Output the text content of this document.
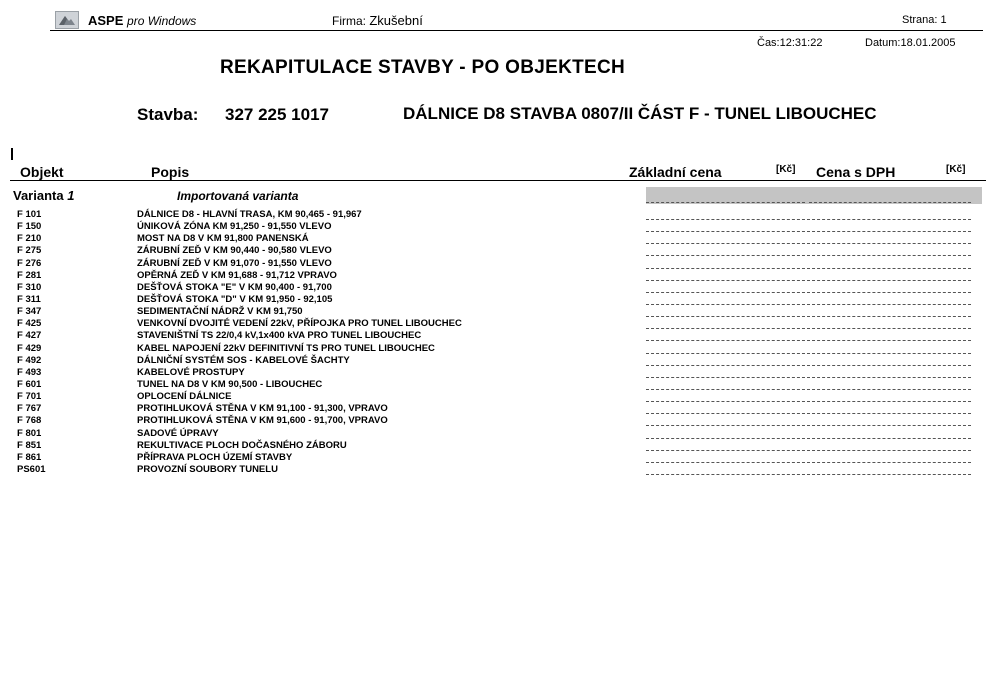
ASPE pro Windows	Firma: Zkušební	Strana: 1
Čas:12:31:22	Datum:18.01.2005
REKAPITULACE STAVBY - PO OBJEKTECH
Stavba: 327 225 1017	DÁLNICE D8 STAVBA 0807/II ČÁST F - TUNEL LIBOUCHEC
Objekt	Popis	Základní cena	[Kč] Cena s DPH	[Kč]
Varianta 1	Importovaná varianta
F 101	DÁLNICE D8 - HLAVNÍ TRASA, KM 90,465 - 91,967
F 150	ÚNIKOVÁ ZÓNA KM 91,250 - 91,550 VLEVO
F 210	MOST NA D8 V KM 91,800 PANENSKÁ
F 275	ZÁRUBNÍ ZEĎ V KM 90,440 - 90,580 VLEVO
F 276	ZÁRUBNÍ ZEĎ V KM 91,070 - 91,550 VLEVO
F 281	OPĚRNÁ ZEĎ V KM 91,688 - 91,712 VPRAVO
F 310	DEŠŤOVÁ STOKA "E" V KM 90,400 - 91,700
F 311	DEŠŤOVÁ STOKA "D" V KM 91,950 - 92,105
F 347	SEDIMENTAČNÍ NÁDRŽ V KM 91,750
F 425	VENKOVNÍ DVOJITÉ VEDENÍ 22kV, PŘÍPOJKA PRO TUNEL LIBOUCHEC
F 427	STAVENIŠTNÍ TS 22/0,4 kV,1x400 kVA PRO TUNEL LIBOUCHEC
F 429	KABEL NAPOJENÍ 22kV DEFINITIVNÍ TS PRO TUNEL LIBOUCHEC
F 492	DÁLNIČNÍ SYSTÉM SOS - KABELOVÉ ŠACHTY
F 493	KABELOVÉ PROSTUPY
F 601	TUNEL NA D8 V KM 90,500 - LIBOUCHEC
F 701	OPLOCENÍ DÁLNICE
F 767	PROTIHLUKOVÁ STĚNA V KM 91,100 - 91,300, VPRAVO
F 768	PROTIHLUKOVÁ STĚNA V KM 91,600 - 91,700, VPRAVO
F 801	SADOVÉ ÚPRAVY
F 851	REKULTIVACE PLOCH DOČASNÉHO ZÁBORU
F 861	PŘÍPRAVA PLOCH ÚZEMÍ STAVBY
PS601	PROVOZNÍ SOUBORY TUNELU
